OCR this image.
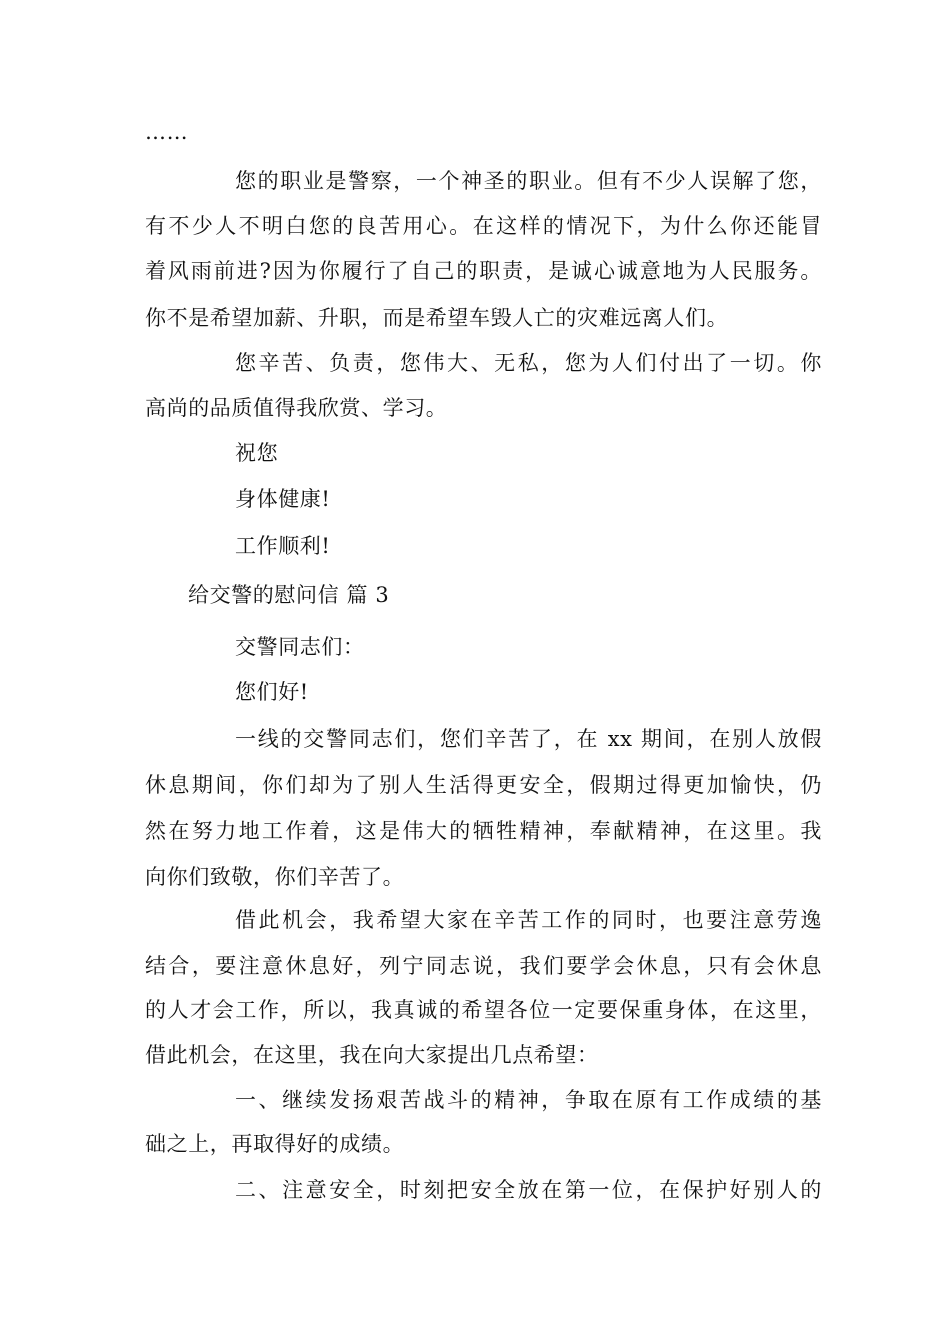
……
您的职业是警察，一个神圣的职业。但有不少人误解了您，
有不少人不明白您的良苦用心。在这样的情况下，为什么你还能冒
着风雨前进?因为你履行了自己的职责，是诚心诚意地为人民服务。
你不是希望加薪、升职，而是希望车毁人亡的灾难远离人们。
您辛苦、负责，您伟大、无私，您为人们付出了一切。你
高尚的品质值得我欣赏、学习。
祝您
身体健康!
工作顺利!
给交警的慰问信 篇 3
交警同志们：
您们好!
一线的交警同志们，您们辛苦了，在 xx 期间，在别人放假
休息期间，你们却为了别人生活得更安全，假期过得更加愉快，仍
然在努力地工作着，这是伟大的牺牲精神，奉献精神，在这里。我
向你们致敬，你们辛苦了。
借此机会，我希望大家在辛苦工作的同时，也要注意劳逸
结合，要注意休息好，列宁同志说，我们要学会休息，只有会休息
的人才会工作，所以，我真诚的希望各位一定要保重身体，在这里，
借此机会，在这里，我在向大家提出几点希望：
一、继续发扬艰苦战斗的精神，争取在原有工作成绩的基
础之上，再取得好的成绩。
二、注意安全，时刻把安全放在第一位，在保护好别人的
